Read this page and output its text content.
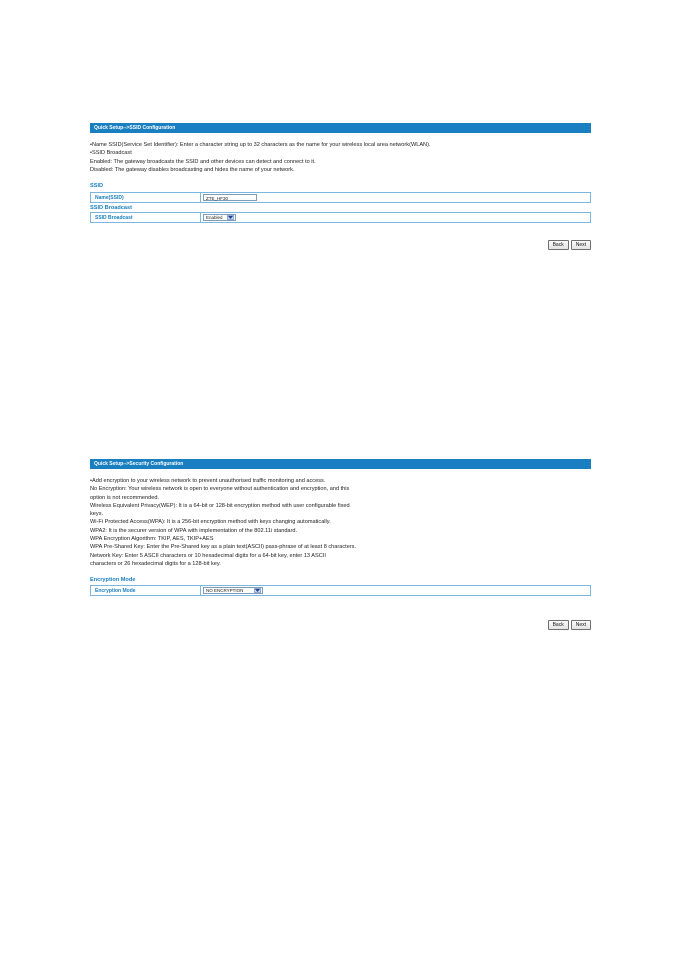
Quick Setup-->SSID Configuration

•Name SSID(Service Set Identifier): Enter a character string up to 32 characters as the name for your wireless local area network(WLAN).

•SSID Broadcast

Enabled: The gateway broadcasts the SSID and other devices can detect and connect to it.

Disabled: The gateway disables broadcasting and hides the name of your network.

SSID
Name(SSID)	ZTE_HF30
SSID Broadcast
SSID Broadcast	Enabled
Back	Next
Quick Setup-->Security Configuration

•Add encryption to your wireless network to prevent unauthorised traffic monitoring and access.

No Encryption: Your wireless network is open to everyone without authentication and encryption, and this

option is not recommended.

Wireless Equivalent Privacy(WEP): It is a 64-bit or 128-bit encryption method with user configurable fixed

keys.

Wi-Fi Protected Access(WPA): It is a 256-bit encryption method with keys changing automatically.

WPA2: It is the securer version of WPA with implementation of the 802.11i standard.

WPA Encryption Algorithm: TKIP, AES, TKIP+AES

WPA Pre-Shared Key: Enter the Pre-Shared key as a plain text(ASCII) pass-phrase of at least 8 characters.

Network Key: Enter 5 ASCII characters or 10 hexadecimal digits for a 64-bit key, enter 13 ASCII

characters or 26 hexadecimal digits for a 128-bit key.

Encryption Mode
Encryption Mode	NO ENCRYPTION
Back	Next
